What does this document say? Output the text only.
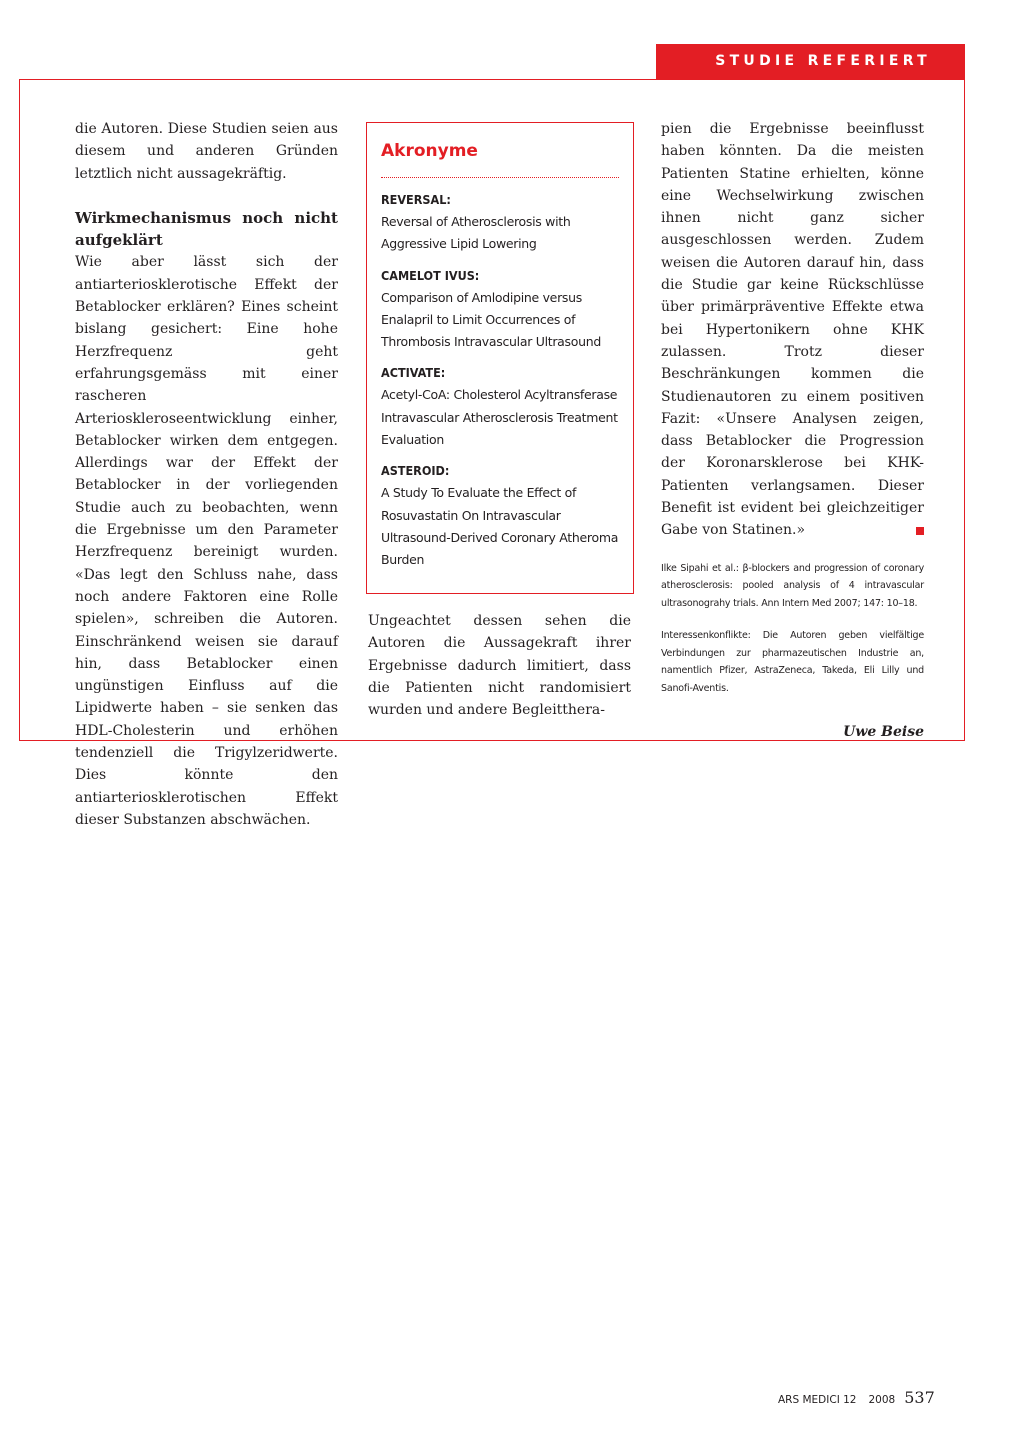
STUDIE REFERIERT

die Autoren. Diese Studien seien aus diesem und anderen Gründen letztlich nicht aussagekräftig.

Wirkmechanismus noch nicht aufgeklärt

Wie aber lässt sich der antiarteriosklerotische Effekt der Betablocker erklären? Eines scheint bislang gesichert: Eine hohe Herzfrequenz geht erfahrungsgemäss mit einer rascheren Arterioskleroseentwicklung einher, Betablocker wirken dem entgegen. Allerdings war der Effekt der Betablocker in der vorliegenden Studie auch zu beobachten, wenn die Ergebnisse um den Parameter Herzfrequenz bereinigt wurden. «Das legt den Schluss nahe, dass noch andere Faktoren eine Rolle spielen», schreiben die Autoren. Einschränkend weisen sie darauf hin, dass Betablocker einen ungünstigen Einfluss auf die Lipidwerte haben – sie senken das HDL-Cholesterin und erhöhen tendenziell die Trigylzeridwerte. Dies könnte den antiarteriosklerotischen Effekt dieser Substanzen abschwächen.

Akronyme
REVERSAL:
Reversal of Atherosclerosis with Aggressive Lipid Lowering
CAMELOT IVUS:
Comparison of Amlodipine versus Enalapril to Limit Occurrences of Thrombosis Intravascular Ultrasound
ACTIVATE:
Acetyl-CoA: Cholesterol Acyltransferase Intravascular Atherosclerosis Treatment Evaluation
ASTEROID:
A Study To Evaluate the Effect of Rosuvastatin On Intravascular Ultrasound-Derived Coronary Atheroma Burden

Ungeachtet dessen sehen die Autoren die Aussagekraft ihrer Ergebnisse dadurch limitiert, dass die Patienten nicht randomisiert wurden und andere Begleitthera-

pien die Ergebnisse beeinflusst haben könnten. Da die meisten Patienten Statine erhielten, könne eine Wechselwirkung zwischen ihnen nicht ganz sicher ausgeschlossen werden. Zudem weisen die Autoren darauf hin, dass die Studie gar keine Rückschlüsse über primärpräventive Effekte etwa bei Hypertonikern ohne KHK zulassen. Trotz dieser Beschränkungen kommen die Studienautoren zu einem positiven Fazit: «Unsere Analysen zeigen, dass Betablocker die Progression der Koronarsklerose bei KHK-Patienten verlangsamen. Dieser Benefit ist evident bei gleichzeitiger Gabe von Statinen.»

Ilke Sipahi et al.: β-blockers and progression of coronary atherosclerosis: pooled analysis of 4 intravascular ultrasonograhy trials. Ann Intern Med 2007; 147: 10–18.

Interessenkonflikte: Die Autoren geben vielfältige Verbindungen zur pharmazeutischen Industrie an, namentlich Pfizer, AstraZeneca, Takeda, Eli Lilly und Sanofi-Aventis.

Uwe Beise

ARS MEDICI 12 2008 537
